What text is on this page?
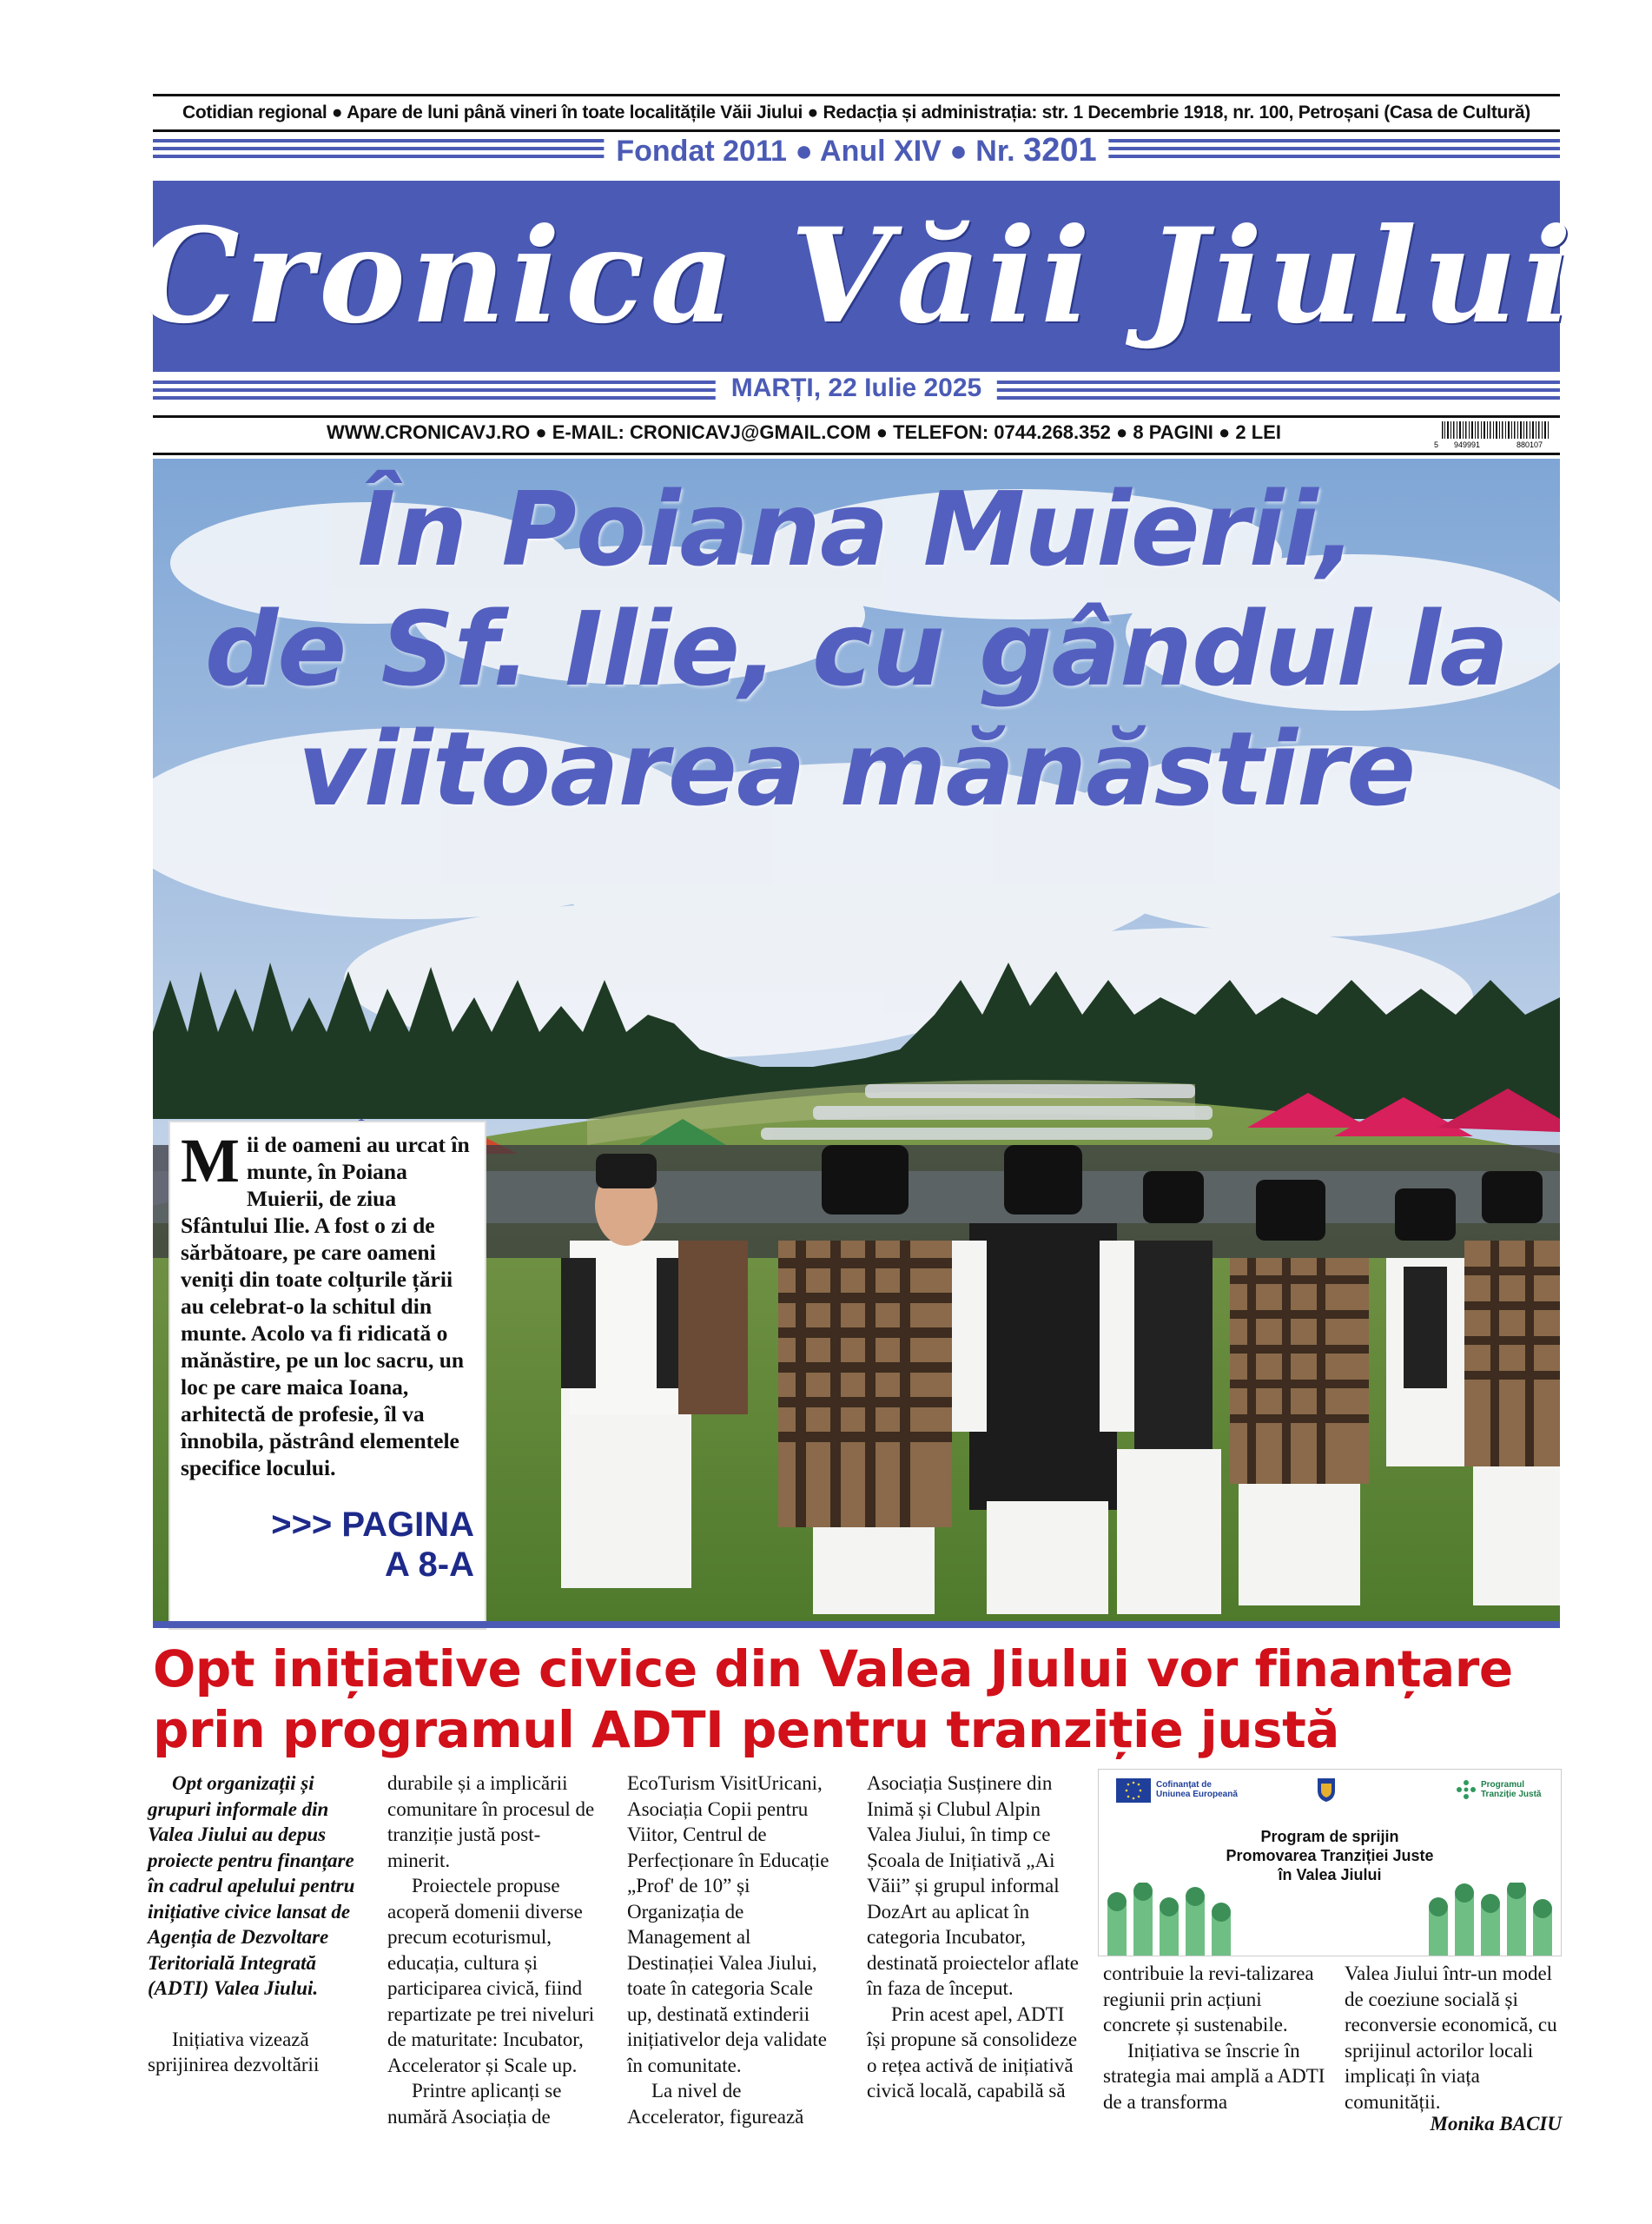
Cotidian regional ● Apare de luni până vineri în toate localitățile Văii Jiului ● Redacția și administrația: str. 1 Decembrie 1918, nr. 100, Petroșani (Casa de Cultură)
Fondat 2011 ● Anul XIV ● Nr. 3201
Cronica Văii Jiului
MARȚI, 22 Iulie 2025
WWW.CRONICAVJ.RO ● E-MAIL: CRONICAVJ@GMAIL.COM ● TELEFON: 0744.268.352 ● 8 PAGINI ● 2 LEI
5 949991	880107
În Poiana Muierii,
de Sf. Ilie, cu gândul la
viitoarea mănăstire
Mii de oameni au urcat în munte, în Poiana Muierii, de ziua Sfântului Ilie. A fost o zi de sărbătoare, pe care oameni veniți din toate colțurile țării au celebrat-o la schitul din munte. Acolo va fi ridicată o mănăstire, pe un loc sacru, un loc pe care maica Ioana, arhitectă de profesie, îl va înnobila, păstrând elementele specifice locului.
>>> PAGINA
A 8-A
Opt inițiative civice din Valea Jiului vor finanțare
prin programul ADTI pentru tranziție justă

Opt organizații și grupuri informale din Valea Jiului au depus proiecte pentru finanțare în cadrul apelului pentru inițiative civice lansat de Agenția de Dezvoltare Teritorială Integrată (ADTI) Valea Jiului.

Inițiativa vizează sprijinirea dezvoltării

durabile și a implicării comunitare în procesul de tranziție justă post-minerit.

Proiectele propuse acoperă domenii diverse precum ecoturismul, educația, cultura și participarea civică, fiind repartizate pe trei niveluri de maturitate: Incubator, Accelerator și Scale up.

Printre aplicanți se numără Asociația de

EcoTurism VisitUricani, Asociația Copii pentru Viitor, Centrul de Perfecționare în Educație „Prof' de 10” și Organizația de Management al Destinației Valea Jiului, toate în categoria Scale up, destinată extinderii inițiativelor deja validate în comunitate.

La nivel de Accelerator, figurează

Asociația Susținere din Inimă și Clubul Alpin Valea Jiului, în timp ce Școala de Inițiativă „Ai Văii” și grupul informal DozArt au aplicat în categoria Incubator, destinată proiectelor aflate în faza de început.

Prin acest apel, ADTI își propune să consolideze o rețea activă de inițiativă civică locală, capabilă să

Cofinanțat de
Uniunea Europeană
Programul
Tranziție Justă
Program de sprijin
Promovarea Tranziției Juste
în Valea Jiului

contribuie la revi-talizarea regiunii prin acțiuni concrete și sustenabile.

Inițiativa se înscrie în strategia mai amplă a ADTI de a transforma

Valea Jiului într-un model de coeziune socială și reconversie economică, cu sprijinul actorilor locali implicați în viața comunității.

Monika BACIU
